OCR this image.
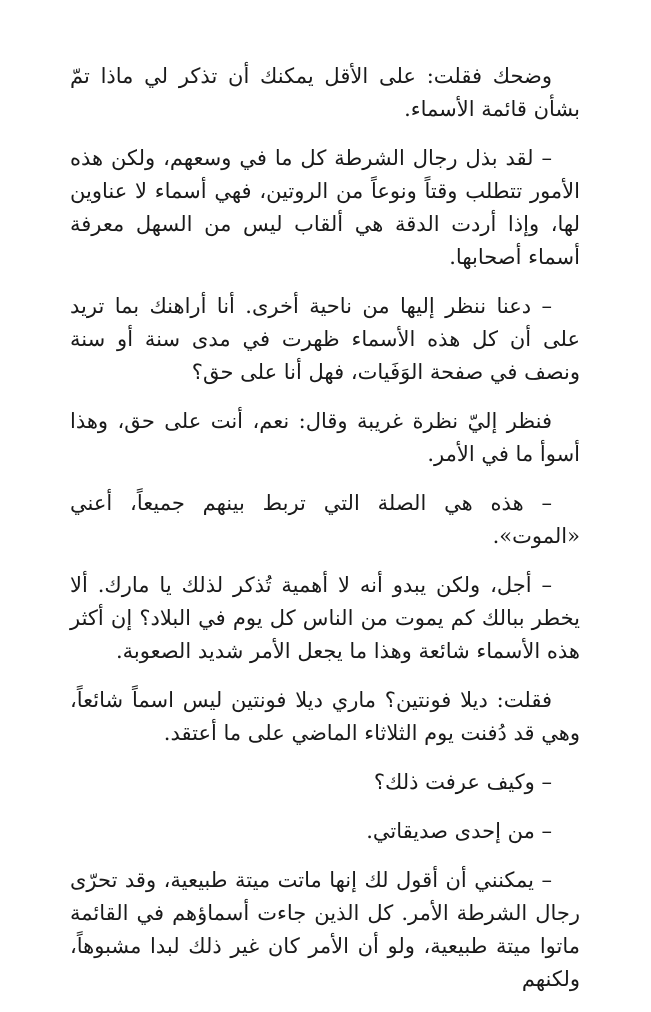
وضحك فقلت: على الأقل يمكنك أن تذكر لي ماذا تمّ بشأن قائمة الأسماء.

– لقد بذل رجال الشرطة كل ما في وسعهم، ولكن هذه الأمور تتطلب وقتاً ونوعاً من الروتين، فهي أسماء لا عناوين لها، وإذا أردت الدقة هي ألقاب ليس من السهل معرفة أسماء أصحابها.

– دعنا ننظر إليها من ناحية أخرى. أنا أراهنك بما تريد على أن كل هذه الأسماء ظهرت في مدى سنة أو سنة ونصف في صفحة الوَفَيات، فهل أنا على حق؟

فنظر إليّ نظرة غريبة وقال: نعم، أنت على حق، وهذا أسوأ ما في الأمر.

– هذه هي الصلة التي تربط بينهم جميعاً، أعني «الموت».

– أجل، ولكن يبدو أنه لا أهمية تُذكر لذلك يا مارك. ألا يخطر ببالك كم يموت من الناس كل يوم في البلاد؟ إن أكثر هذه الأسماء شائعة وهذا ما يجعل الأمر شديد الصعوبة.

فقلت: ديلا فونتين؟ ماري ديلا فونتين ليس اسماً شائعاً، وهي قد دُفنت يوم الثلاثاء الماضي على ما أعتقد.

– وكيف عرفت ذلك؟

– من إحدى صديقاتي.

– يمكنني أن أقول لك إنها ماتت ميتة طبيعية، وقد تحرّى رجال الشرطة الأمر. كل الذين جاءت أسماؤهم في القائمة ماتوا ميتة طبيعية، ولو أن الأمر كان غير ذلك لبدا مشبوهاً، ولكنهم
